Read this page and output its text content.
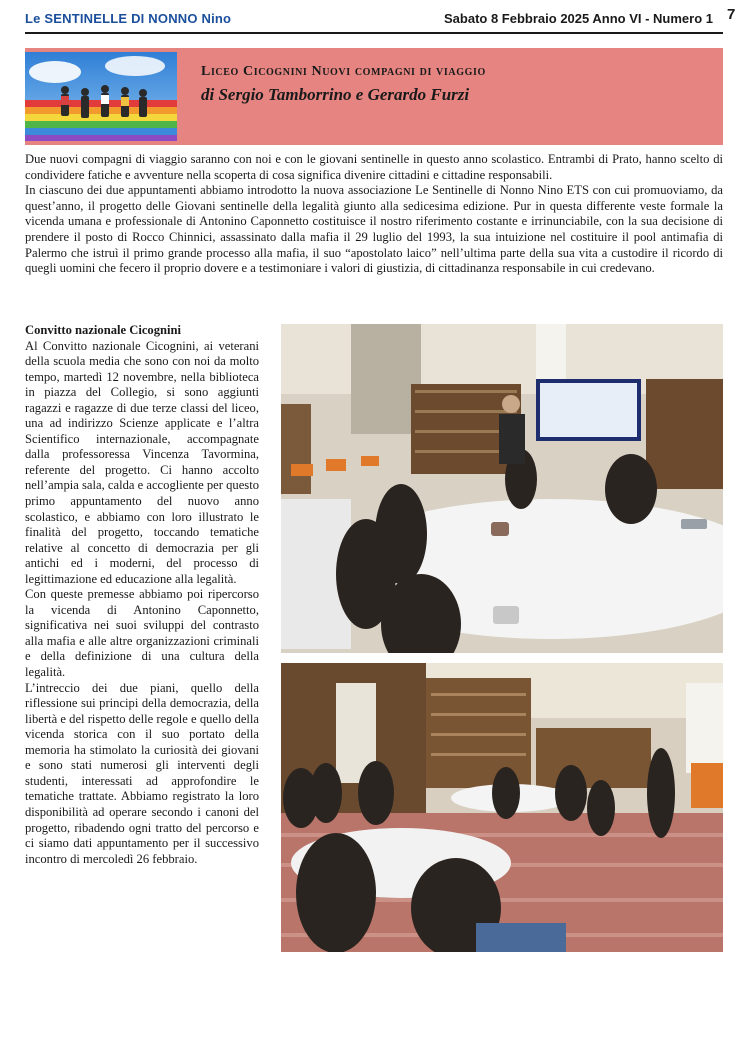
Le SENTINELLE DI NONNO Nino	Sabato 8 Febbraio 2025 Anno VI - Numero 1 7
Liceo Cicognini Nuovi compagni di viaggio
di Sergio Tamborrino e Gerardo Furzi

Due nuovi compagni di viaggio saranno con noi e con le giovani sentinelle in questo anno scolastico. Entrambi di Prato, hanno scelto di condividere fatiche e avventure nella scoperta di cosa significa divenire cittadini e cittadine responsabili.

In ciascuno dei due appuntamenti abbiamo introdotto la nuova associazione Le Sentinelle di Nonno Nino ETS con cui promuoviamo, da quest’anno, il progetto delle Giovani sentinelle della legalità giunto alla sedicesima edizione. Pur in questa differente veste formale la vicenda umana e professionale di Antonino Caponnetto costituisce il nostro riferimento costante e irrinunciabile, con la sua decisione di prendere il posto di Rocco Chinnici, assassinato dalla mafia il 29 luglio del 1993, la sua intuizione nel costituire il pool antimafia di Palermo che istruì il primo grande processo alla mafia, il suo “apostolato laico” nell’ultima parte della sua vita a custodire il ricordo di quegli uomini che fecero il proprio dovere e a testimoniare i valori di giustizia, di cittadinanza responsabile in cui credevano.

Convitto nazionale Cicognini

Al Convitto nazionale Cicognini, ai veterani della scuola media che sono con noi da molto tempo, martedì 12 novembre, nella biblioteca in piazza del Collegio, si sono aggiunti ragazzi e ragazze di due terze classi del liceo, una ad indirizzo Scienze applicate e l’altra Scientifico internazionale, accompagnate dalla professoressa Vincenza Tavormina, referente del progetto. Ci hanno accolto nell’ampia sala, calda e accogliente per questo primo appuntamento del nuovo anno scolastico, e abbiamo con loro illustrato le finalità del progetto, toccando tematiche relative al concetto di democrazia per gli antichi ed i moderni, del processo di legittimazione ed educazione alla legalità.

Con queste premesse abbiamo poi ripercorso la vicenda di Antonino Caponnetto, significativa nei suoi sviluppi del contrasto alla mafia e alle altre organizzazioni criminali e della definizione di una cultura della legalità.

L’intreccio dei due piani, quello della riflessione sui principi della democrazia, della libertà e del rispetto delle regole e quello della vicenda storica con il suo portato della memoria ha stimolato la curiosità dei giovani e sono stati numerosi gli interventi degli studenti, interessati ad approfondire le tematiche trattate. Abbiamo registrato la loro disponibilità ad operare secondo i canoni del progetto, ribadendo ogni tratto del percorso e ci siamo dati appuntamento per il successivo incontro di mercoledì 26 febbraio.
